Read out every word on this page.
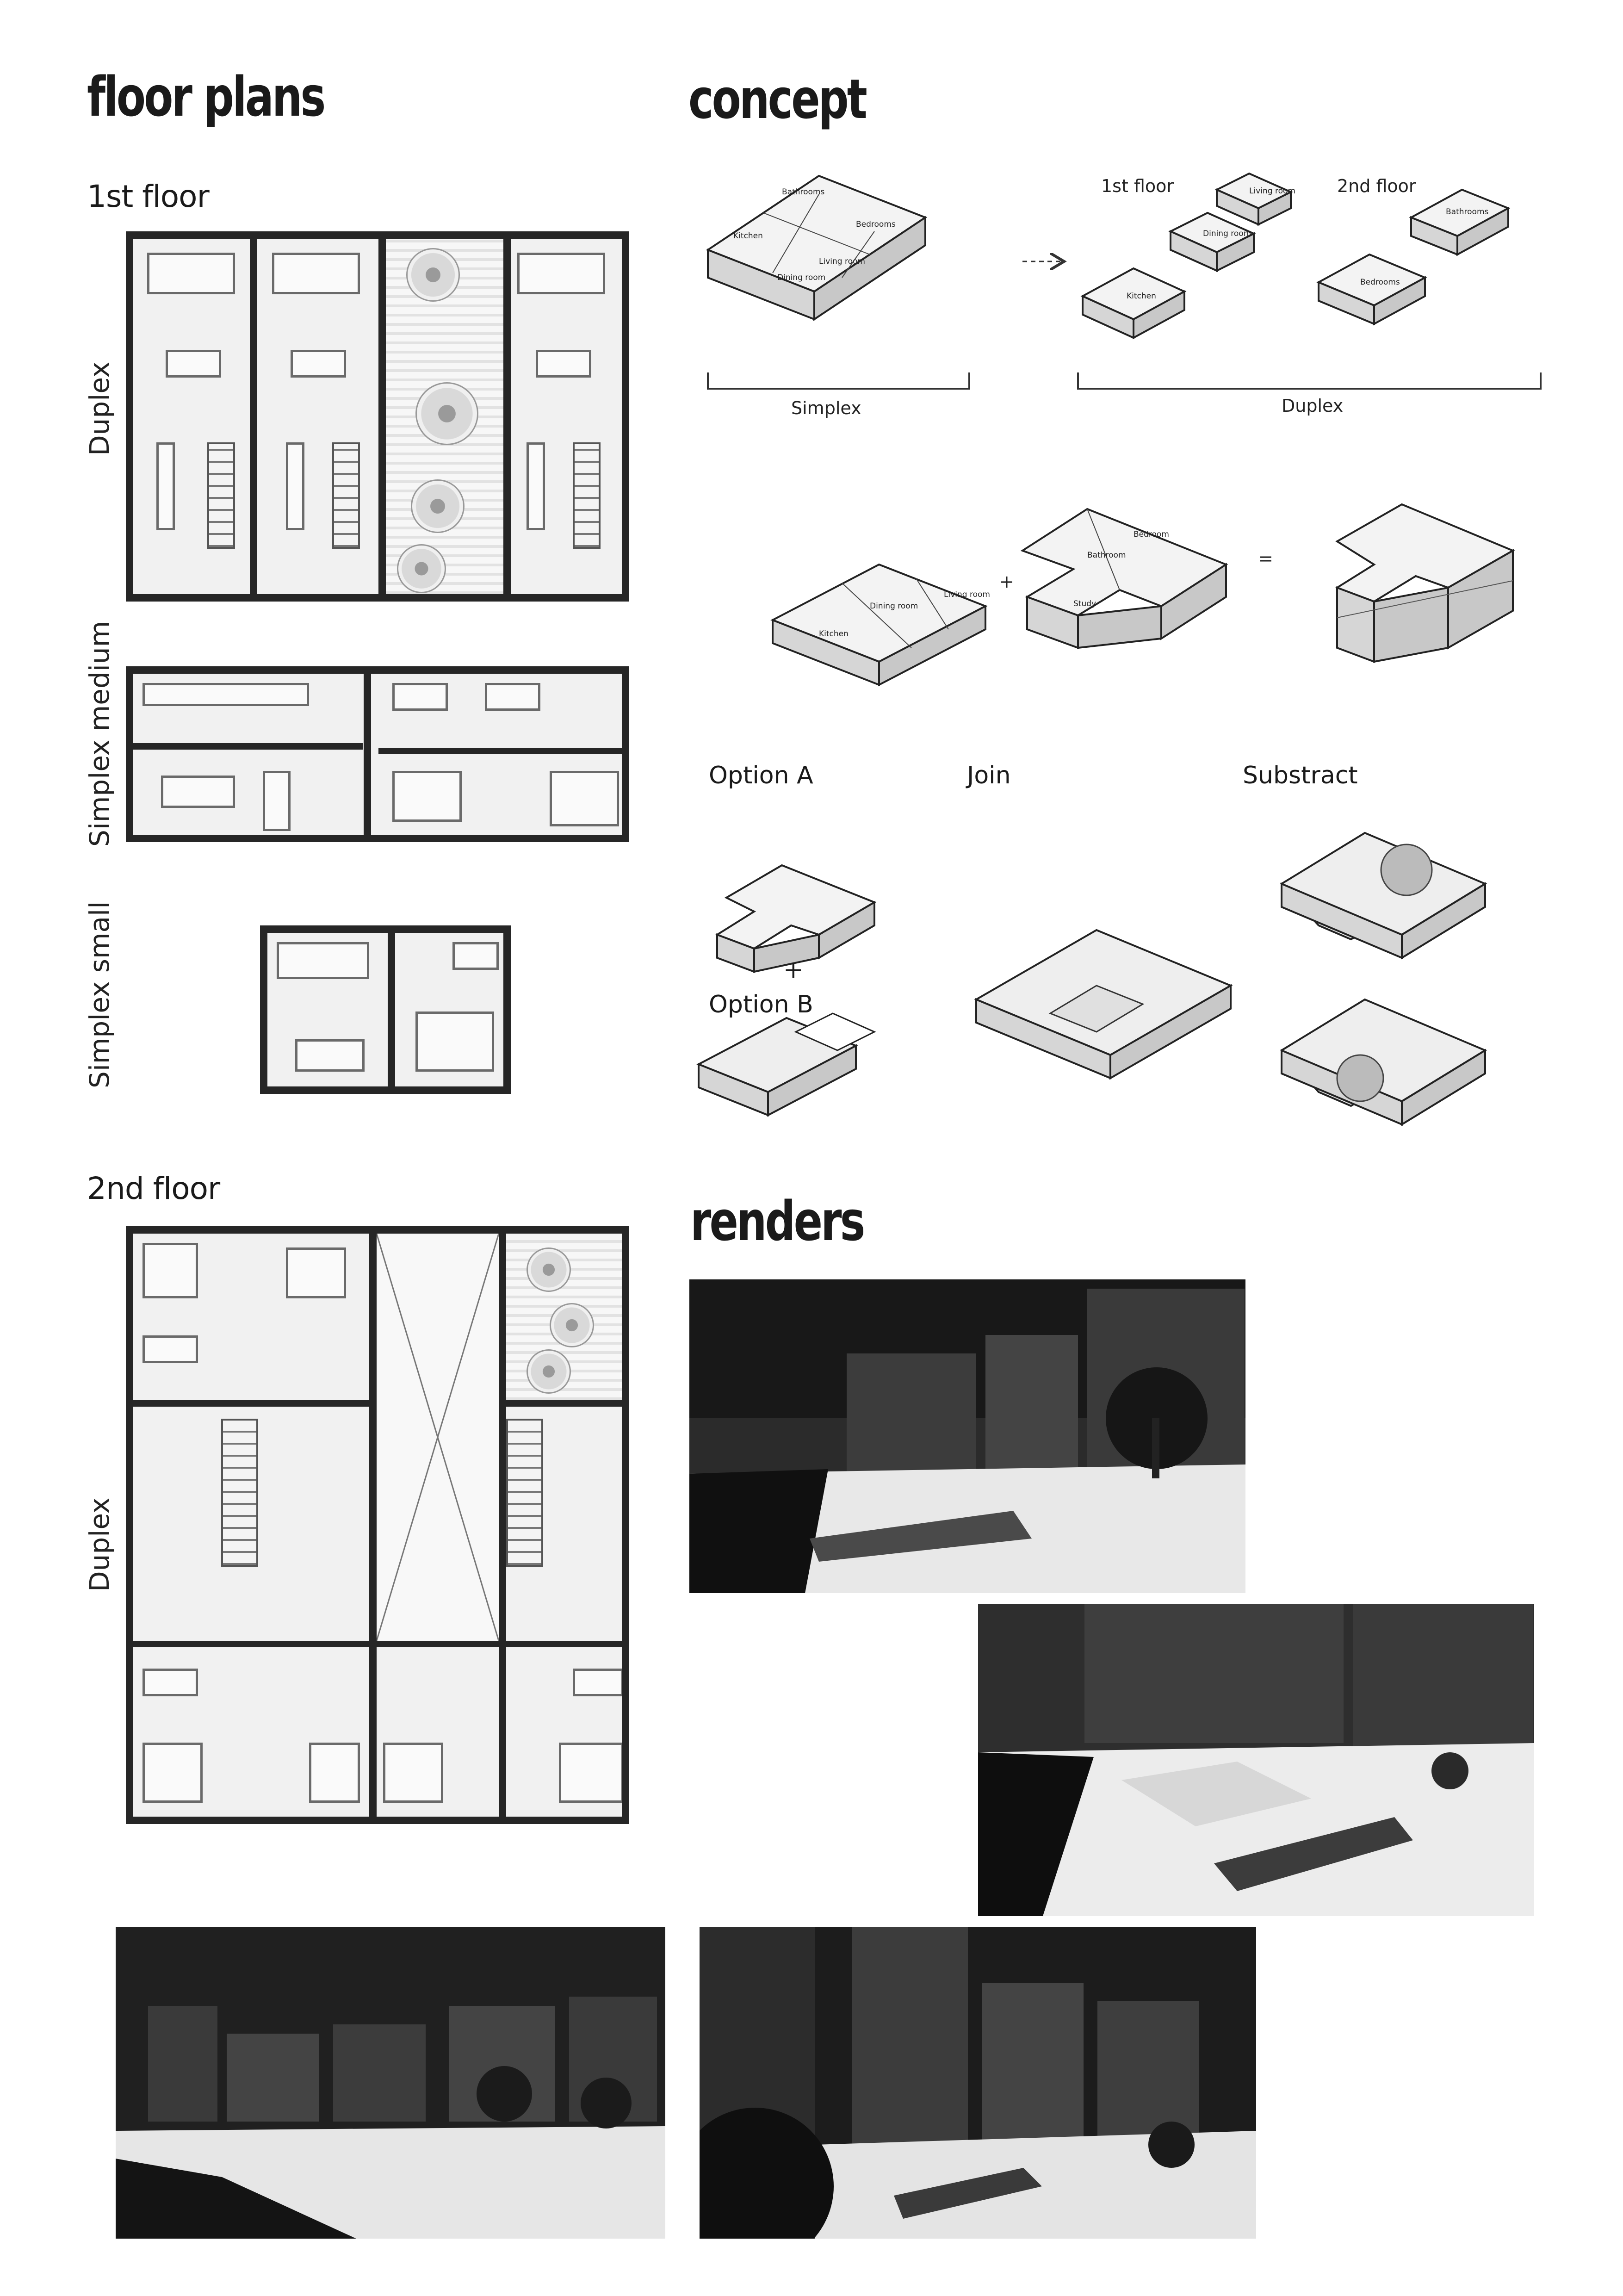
floor plans	concept
renders
1st floor
2nd floor
Duplex
Simplex medium
Simplex small
Duplex
Bathrooms
Kitchen
Bedrooms
Living room
Dining room
1st floor	2nd floor
Living room
Dining room
Kitchen
Bathrooms
Bedrooms
Simplex	Duplex
Living room
Dining room
Kitchen
+
Bedroom
Bathroom
Study
=
Option A
+
Option B
Join	Substract
